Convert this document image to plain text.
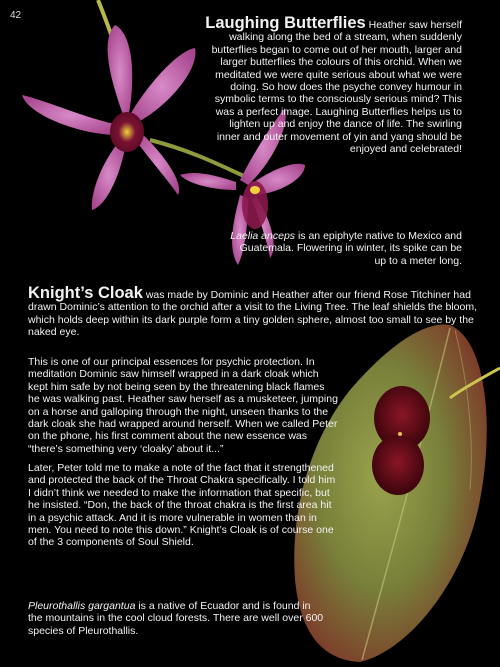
42	Laughing Butterflies Heather saw herself walking along the bed of a stream, when suddenly butterflies began to come out of her mouth, larger and larger butterflies the colours of this orchid. When we meditated we were quite serious about what we were doing. So how does the psyche convey humour in symbolic terms to the consciously serious mind? This was a perfect image. Laughing Butterflies helps us to lighten up and enjoy the dance of life. The swirling inner and outer movement of yin and yang should be enjoyed and celebrated!

Laelia anceps is an epiphyte native to Mexico and Guatemala. Flowering in winter, its spike can be up to a meter long.

Knight’s Cloak was made by Dominic and Heather after our friend Rose Titchiner had drawn Dominic’s attention to the orchid after a visit to the Living Tree. The leaf shields the bloom, which holds deep within its dark purple form a tiny golden sphere, almost too small to see by the naked eye.

This is one of our principal essences for psychic protection. In meditation Dominic saw himself wrapped in a dark cloak which kept him safe by not being seen by the threatening black flames he was walking past. Heather saw herself as a musketeer, jumping on a horse and galloping through the night, unseen thanks to the dark cloak she had wrapped around herself. When we called Peter on the phone, his first comment about the new essence was “there’s something very ‘cloaky’ about it...”

Later, Peter told me to make a note of the fact that it strengthened and protected the back of the Throat Chakra specifically. I told him I didn’t think we needed to make the information that specific, but he insisted. “Don, the back of the throat chakra is the first area hit in a psychic attack. And it is more vulnerable in women than in men. You need to note this down.” Knight’s Cloak is of course one of the 3 components of Soul Shield.

Pleurothallis gargantua is a native of Ecuador and is found in the mountains in the cool cloud forests. There are well over 600 species of Pleurothallis.
